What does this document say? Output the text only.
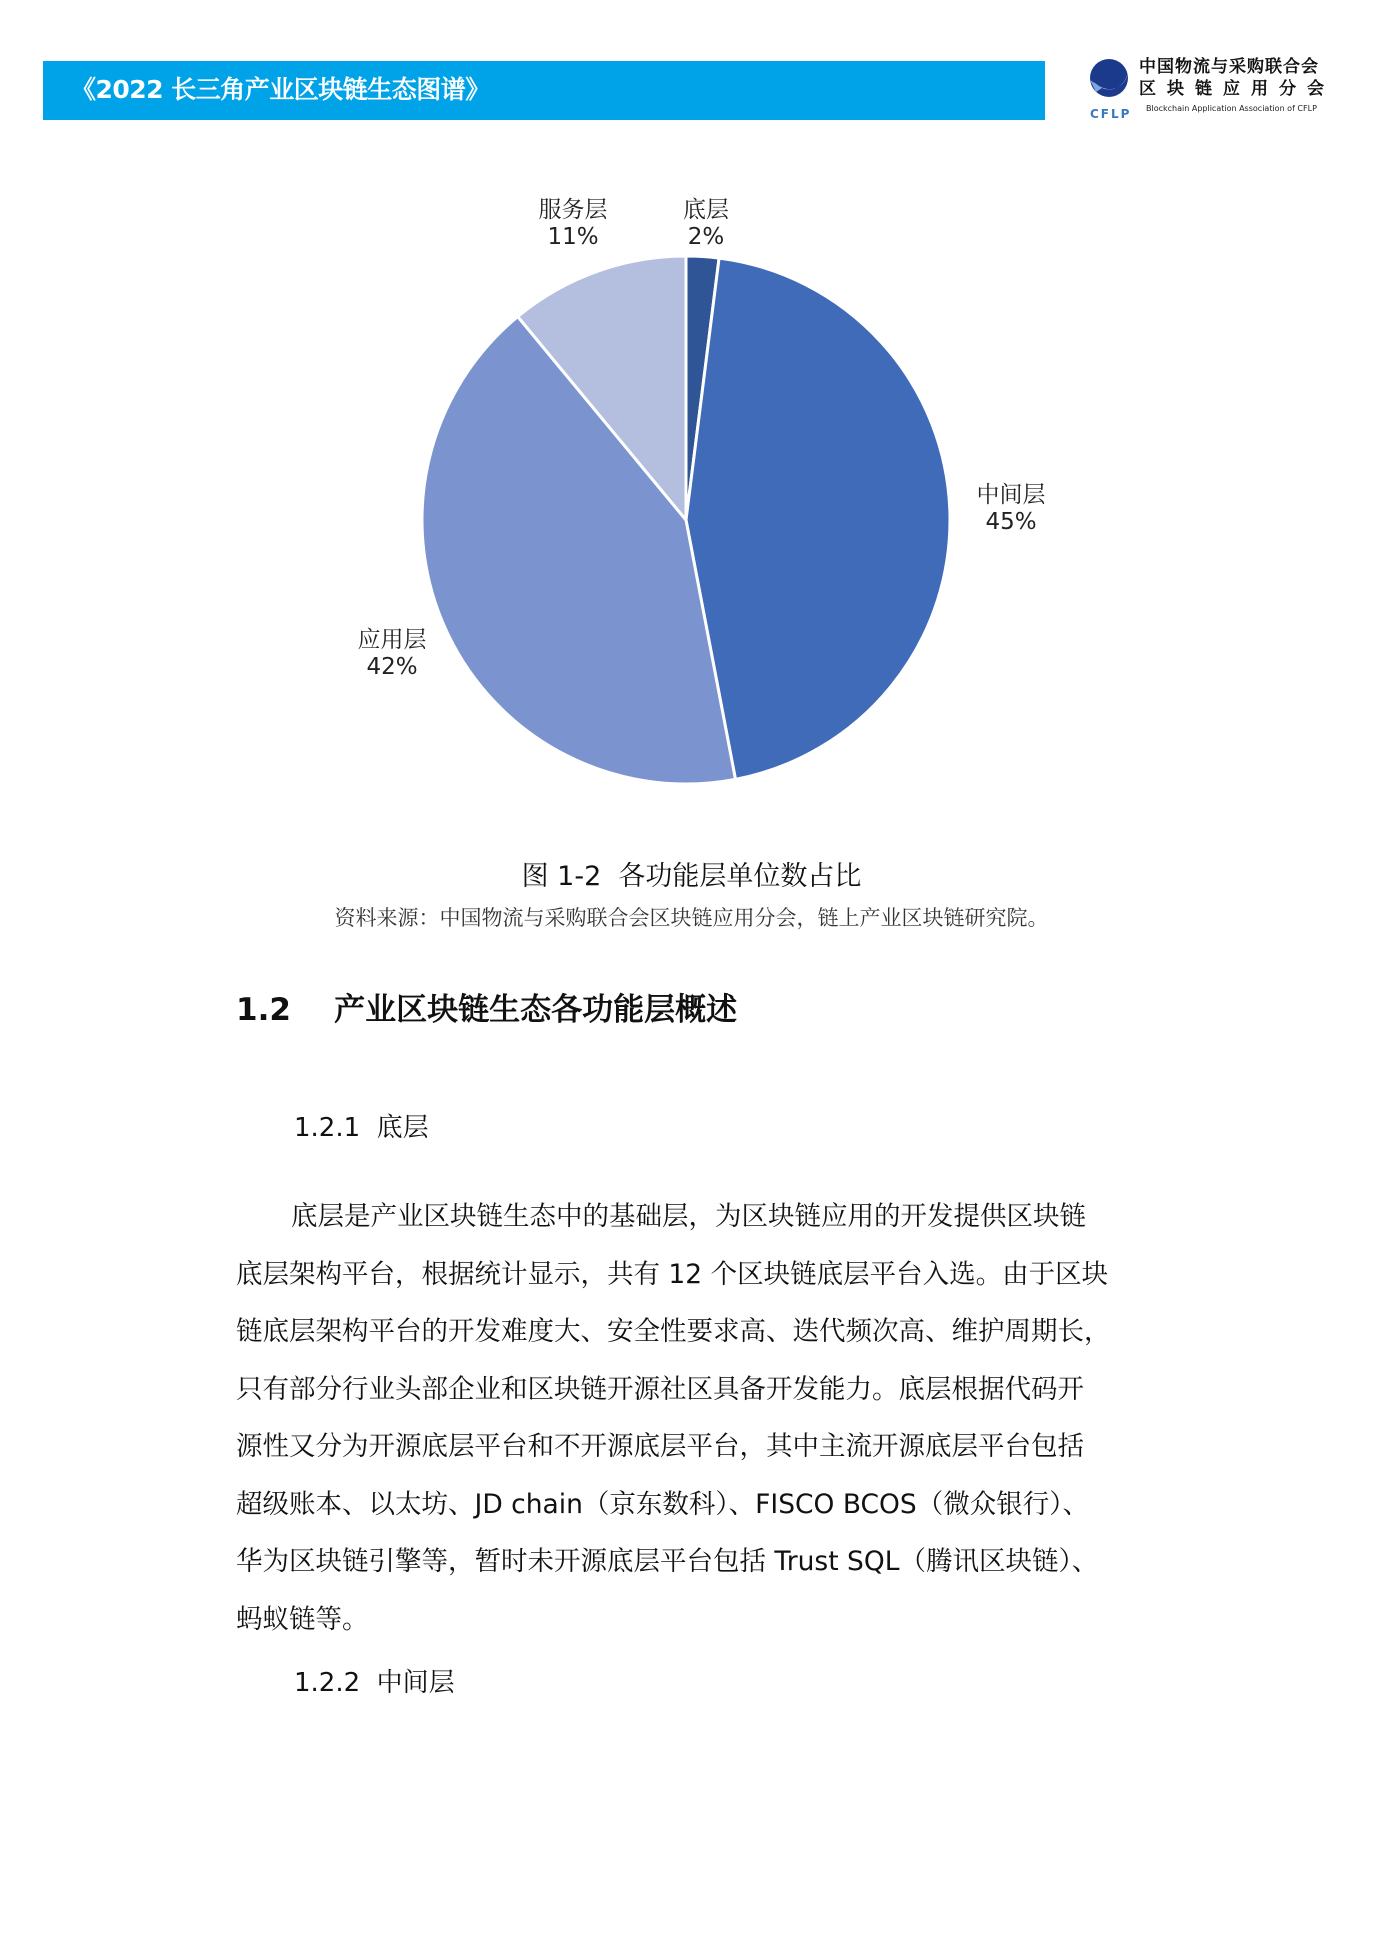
《2022 长三角产业区块链生态图谱》
CFLP
中国物流与采购联合会
区块链应用分会
Blockchain Application Association of CFLP
服务层
11%
底层
2%
中间层
45%
应用层
42%
图 1-2  各功能层单位数占比
资料来源：中国物流与采购联合会区块链应用分会，链上产业区块链研究院。
1.2    产业区块链生态各功能层概述
1.2.1  底层
底层是产业区块链生态中的基础层，为区块链应用的开发提供区块链
底层架构平台，根据统计显示，共有 12 个区块链底层平台入选。由于区块
链底层架构平台的开发难度大、安全性要求高、迭代频次高、维护周期长，
只有部分行业头部企业和区块链开源社区具备开发能力。底层根据代码开
源性又分为开源底层平台和不开源底层平台，其中主流开源底层平台包括
超级账本、以太坊、JD chain（京东数科）、FISCO BCOS（微众银行）、
华为区块链引擎等，暂时未开源底层平台包括 Trust SQL（腾讯区块链）、
蚂蚁链等。
1.2.2  中间层
